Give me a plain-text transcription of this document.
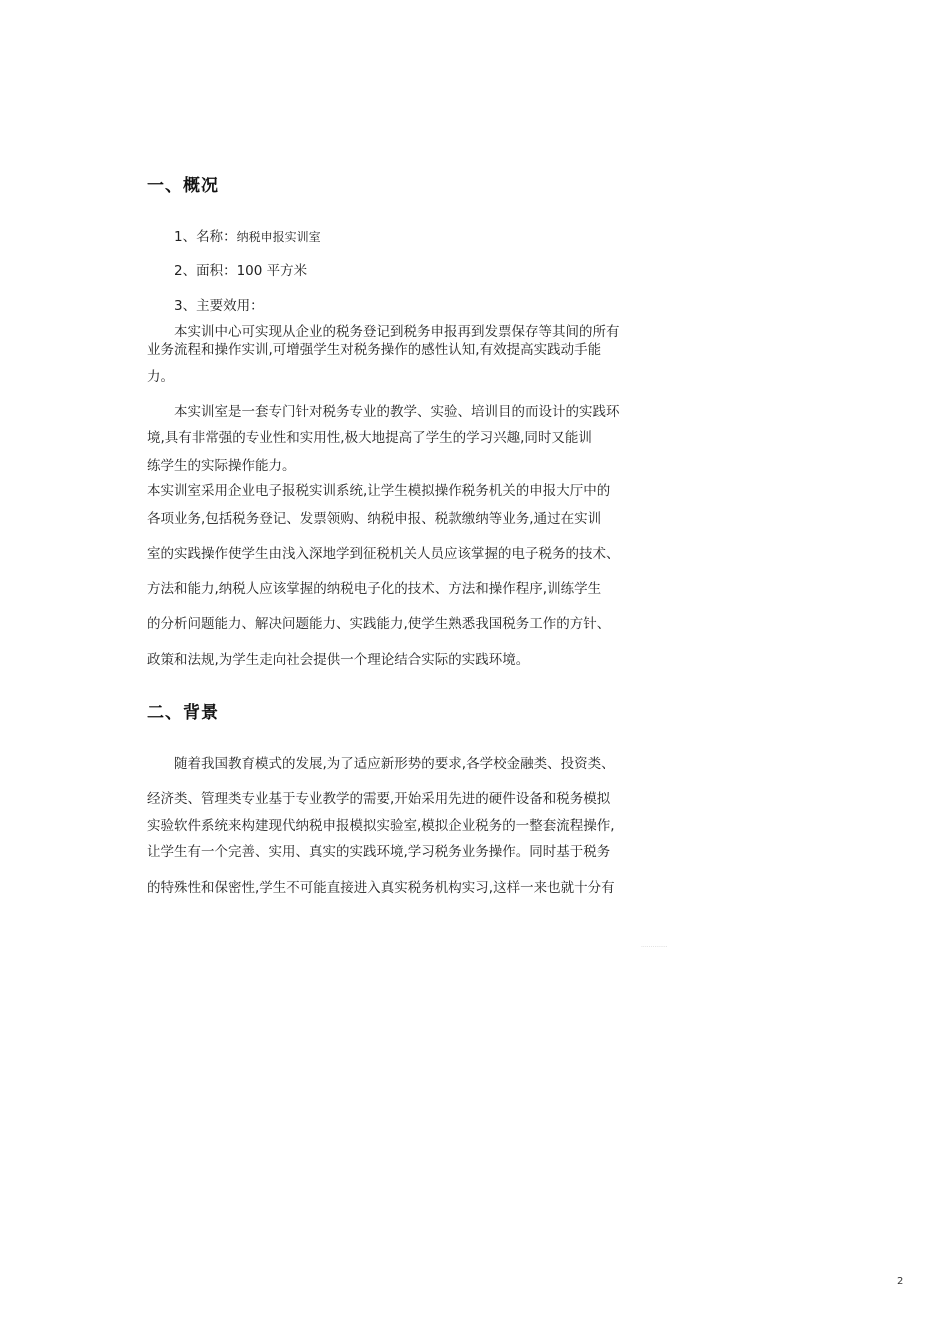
一、概况
1、名称：纳税申报实训室
2、面积：100 平方米
3、主要效用：
本实训中心可实现从企业的税务登记到税务申报再到发票保存等其间的所有
业务流程和操作实训,可增强学生对税务操作的感性认知,有效提高实践动手能
力。
本实训室是一套专门针对税务专业的教学、实验、培训目的而设计的实践环
境,具有非常强的专业性和实用性,极大地提高了学生的学习兴趣,同时又能训
练学生的实际操作能力。
本实训室采用企业电子报税实训系统,让学生模拟操作税务机关的申报大厅中的
各项业务,包括税务登记、发票领购、纳税申报、税款缴纳等业务,通过在实训
室的实践操作使学生由浅入深地学到征税机关人员应该掌握的电子税务的技术、
方法和能力,纳税人应该掌握的纳税电子化的技术、方法和操作程序,训练学生
的分析问题能力、解决问题能力、实践能力,使学生熟悉我国税务工作的方针、
政策和法规,为学生走向社会提供一个理论结合实际的实践环境。
二、背景
随着我国教育模式的发展,为了适应新形势的要求,各学校金融类、投资类、
经济类、管理类专业基于专业教学的需要,开始采用先进的硬件设备和税务模拟
实验软件系统来构建现代纳税申报模拟实验室,模拟企业税务的一整套流程操作,
让学生有一个完善、实用、真实的实践环境,学习税务业务操作。同时基于税务
的特殊性和保密性,学生不可能直接进入真实税务机构实习,这样一来也就十分有
..............
2
